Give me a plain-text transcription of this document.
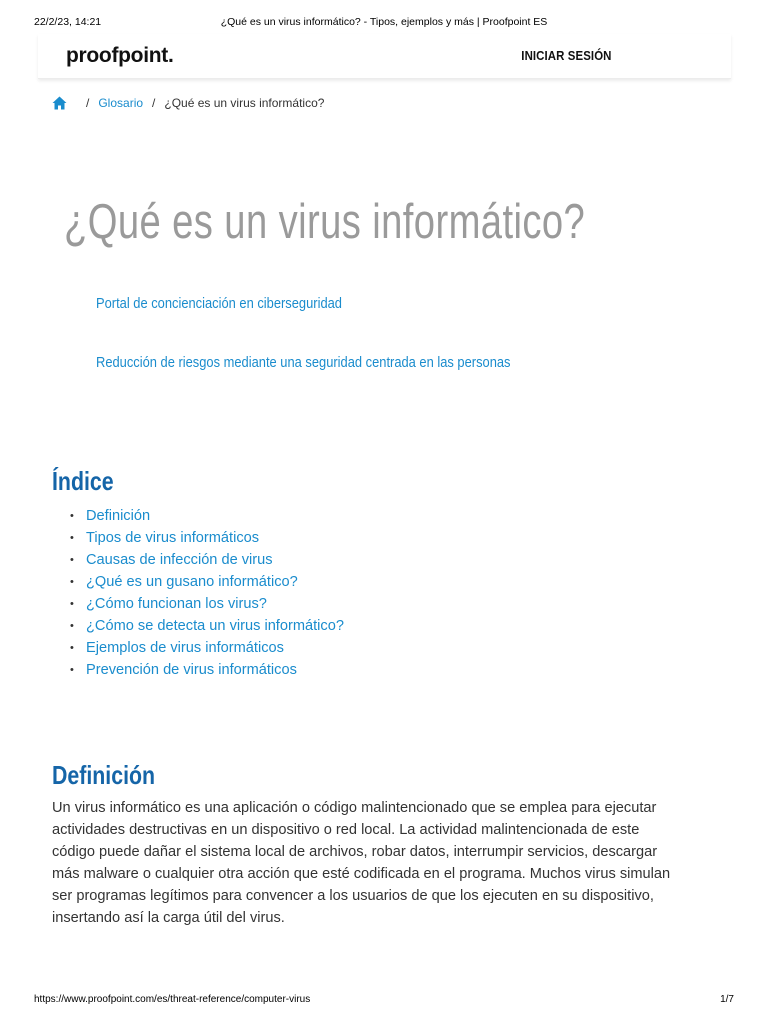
22/2/23, 14:21	¿Qué es un virus informático? - Tipos, ejemplos y más | Proofpoint ES
proofpoint.	INICIAR SESIÓN
/ Glosario / ¿Qué es un virus informático?
¿Qué es un virus informático?
Portal de concienciación en ciberseguridad
Reducción de riesgos mediante una seguridad centrada en las personas
Índice
• Definición
• Tipos de virus informáticos
• Causas de infección de virus
• ¿Qué es un gusano informático?
• ¿Cómo funcionan los virus?
• ¿Cómo se detecta un virus informático?
• Ejemplos de virus informáticos
• Prevención de virus informáticos
Definición
Un virus informático es una aplicación o código malintencionado que se emplea para ejecutar
actividades destructivas en un dispositivo o red local. La actividad malintencionada de este
código puede dañar el sistema local de archivos, robar datos, interrumpir servicios, descargar
más malware o cualquier otra acción que esté codificada en el programa. Muchos virus simulan
ser programas legítimos para convencer a los usuarios de que los ejecuten en su dispositivo,
insertando así la carga útil del virus.
https://www.proofpoint.com/es/threat-reference/computer-virus	1/7
